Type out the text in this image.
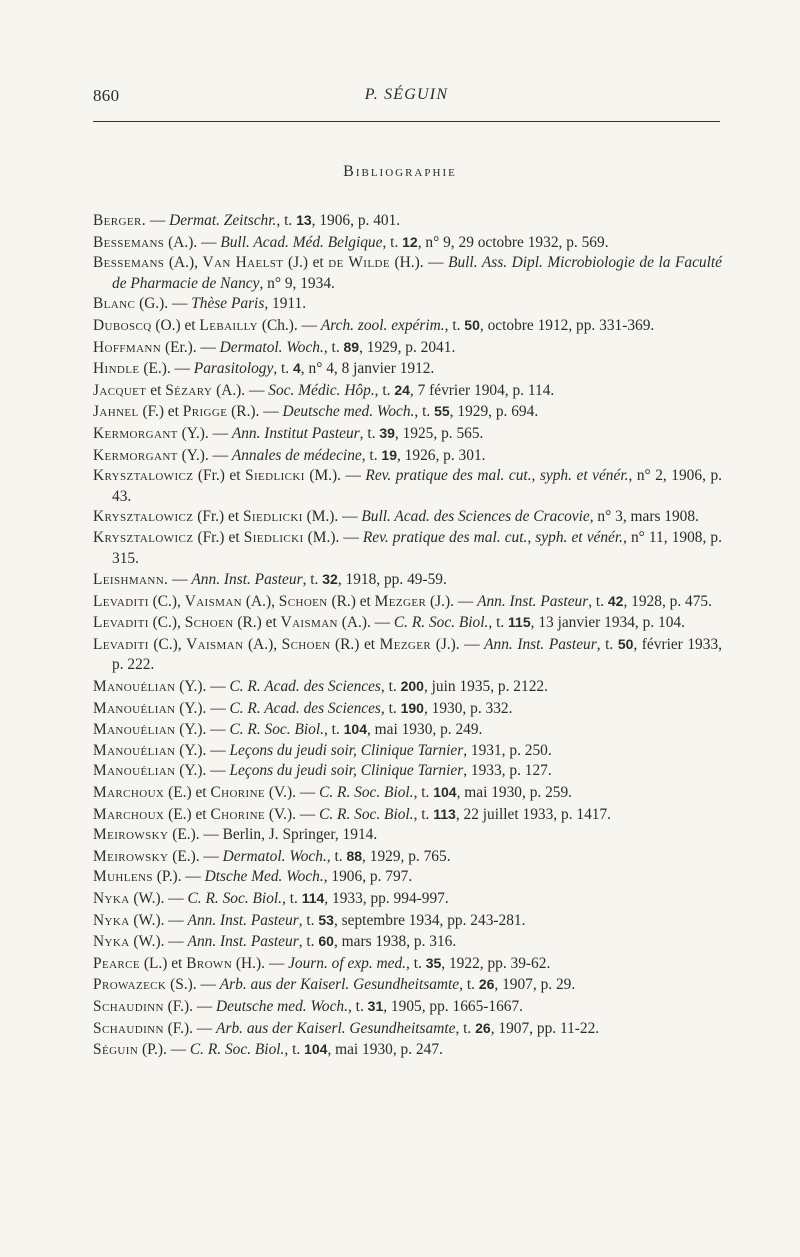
860	P. SÉGUIN
Bibliographie

Berger. — Dermat. Zeitschr., t. 13, 1906, p. 401.

Bessemans (A.). — Bull. Acad. Méd. Belgique, t. 12, n° 9, 29 octobre 1932, p. 569.

Bessemans (A.), Van Haelst (J.) et de Wilde (H.). — Bull. Ass. Dipl. Microbiologie de la Faculté de Pharmacie de Nancy, n° 9, 1934.

Blanc (G.). — Thèse Paris, 1911.

Duboscq (O.) et Lebailly (Ch.). — Arch. zool. expérim., t. 50, octobre 1912, pp. 331-369.

Hoffmann (Er.). — Dermatol. Woch., t. 89, 1929, p. 2041.

Hindle (E.). — Parasitology, t. 4, n° 4, 8 janvier 1912.

Jacquet et Sézary (A.). — Soc. Médic. Hôp., t. 24, 7 février 1904, p. 114.

Jahnel (F.) et Prigge (R.). — Deutsche med. Woch., t. 55, 1929, p. 694.

Kermorgant (Y.). — Ann. Institut Pasteur, t. 39, 1925, p. 565.

Kermorgant (Y.). — Annales de médecine, t. 19, 1926, p. 301.

Krysztalowicz (Fr.) et Siedlicki (M.). — Rev. pratique des mal. cut., syph. et vénér., n° 2, 1906, p. 43.

Krysztalowicz (Fr.) et Siedlicki (M.). — Bull. Acad. des Sciences de Cracovie, n° 3, mars 1908.

Krysztalowicz (Fr.) et Siedlicki (M.). — Rev. pratique des mal. cut., syph. et vénér., n° 11, 1908, p. 315.

Leishmann. — Ann. Inst. Pasteur, t. 32, 1918, pp. 49-59.

Levaditi (C.), Vaisman (A.), Schoen (R.) et Mezger (J.). — Ann. Inst. Pasteur, t. 42, 1928, p. 475.

Levaditi (C.), Schoen (R.) et Vaisman (A.). — C. R. Soc. Biol., t. 115, 13 janvier 1934, p. 104.

Levaditi (C.), Vaisman (A.), Schoen (R.) et Mezger (J.). — Ann. Inst. Pasteur, t. 50, février 1933, p. 222.

Manouélian (Y.). — C. R. Acad. des Sciences, t. 200, juin 1935, p. 2122.

Manouélian (Y.). — C. R. Acad. des Sciences, t. 190, 1930, p. 332.

Manouélian (Y.). — C. R. Soc. Biol., t. 104, mai 1930, p. 249.

Manouélian (Y.). — Leçons du jeudi soir, Clinique Tarnier, 1931, p. 250.

Manouélian (Y.). — Leçons du jeudi soir, Clinique Tarnier, 1933, p. 127.

Marchoux (E.) et Chorine (V.). — C. R. Soc. Biol., t. 104, mai 1930, p. 259.

Marchoux (E.) et Chorine (V.). — C. R. Soc. Biol., t. 113, 22 juillet 1933, p. 1417.

Meirowsky (E.). — Berlin, J. Springer, 1914.

Meirowsky (E.). — Dermatol. Woch., t. 88, 1929, p. 765.

Muhlens (P.). — Dtsche Med. Woch., 1906, p. 797.

Nyka (W.). — C. R. Soc. Biol., t. 114, 1933, pp. 994-997.

Nyka (W.). — Ann. Inst. Pasteur, t. 53, septembre 1934, pp. 243-281.

Nyka (W.). — Ann. Inst. Pasteur, t. 60, mars 1938, p. 316.

Pearce (L.) et Brown (H.). — Journ. of exp. med., t. 35, 1922, pp. 39-62.

Prowazeck (S.). — Arb. aus der Kaiserl. Gesundheitsamte, t. 26, 1907, p. 29.

Schaudinn (F.). — Deutsche med. Woch., t. 31, 1905, pp. 1665-1667.

Schaudinn (F.). — Arb. aus der Kaiserl. Gesundheitsamte, t. 26, 1907, pp. 11-22.

Séguin (P.). — C. R. Soc. Biol., t. 104, mai 1930, p. 247.
